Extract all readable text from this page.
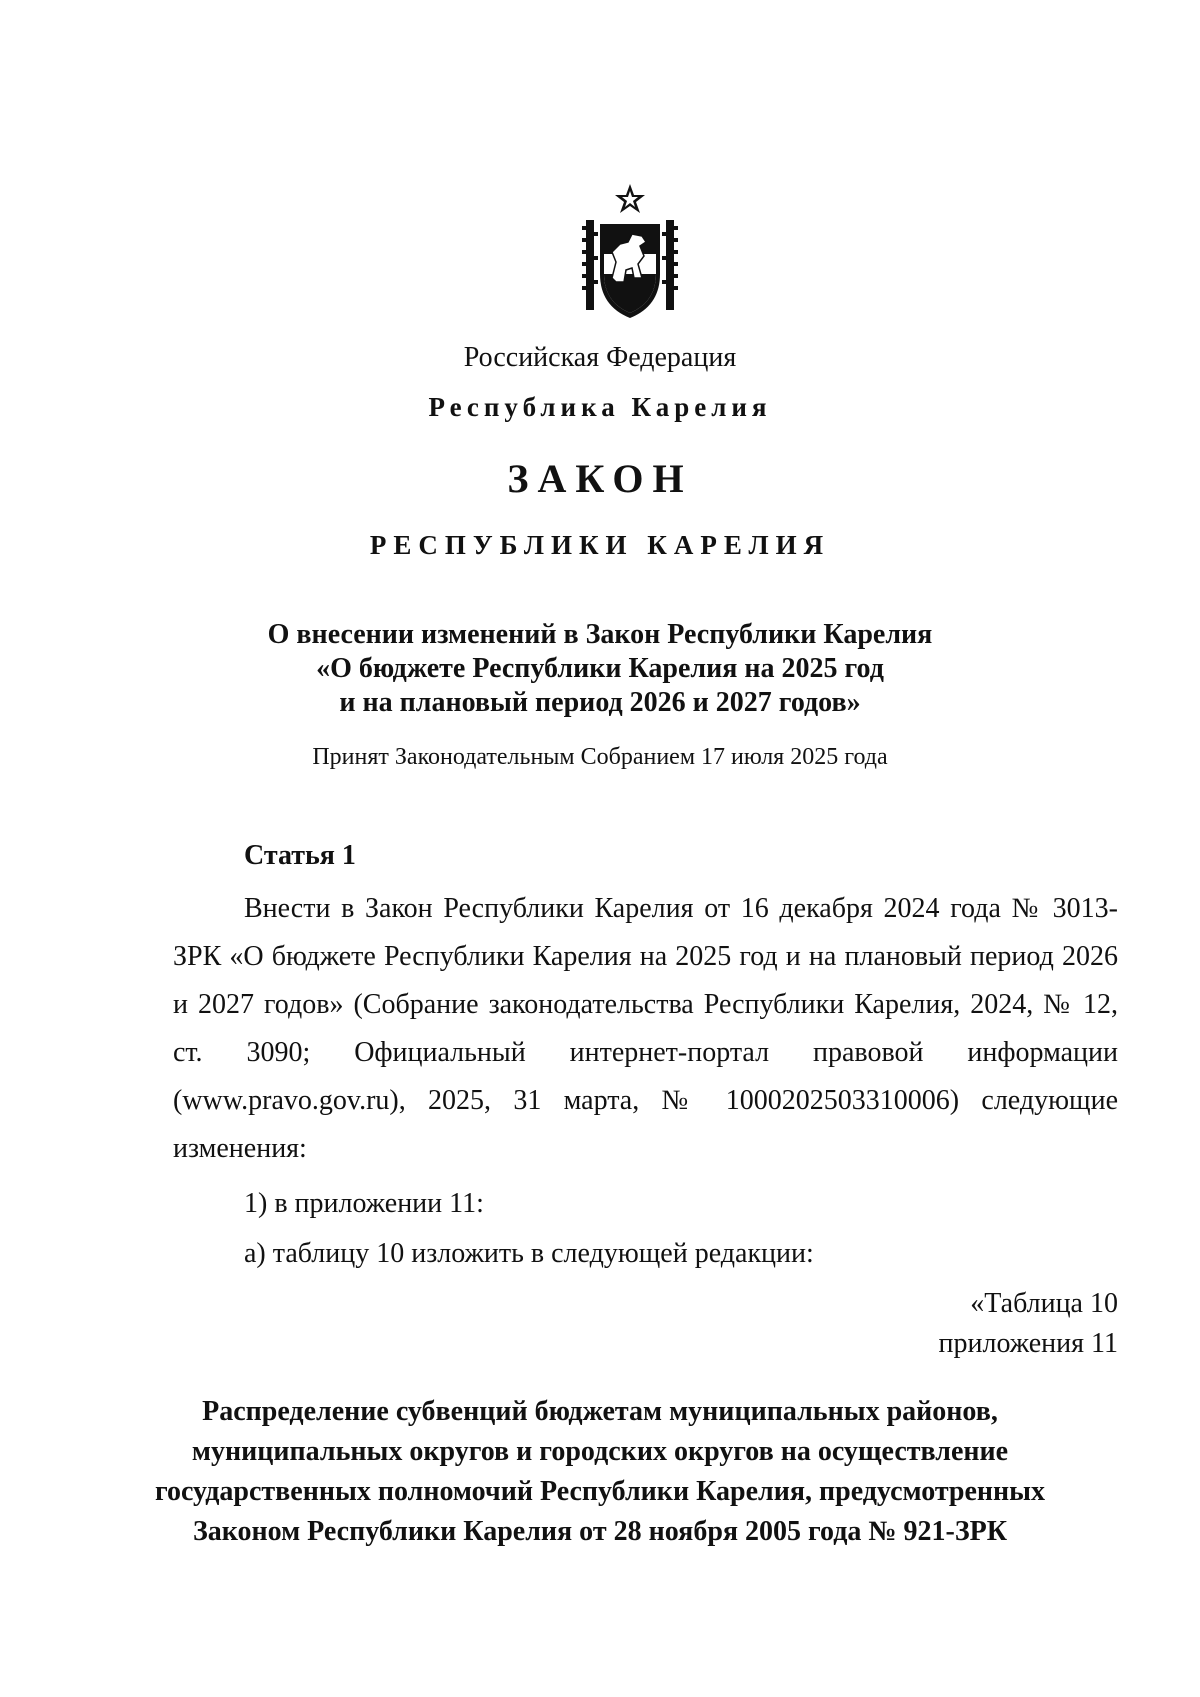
Российская Федерация
Республика Карелия
ЗАКОН
РЕСПУБЛИКИ КАРЕЛИЯ
О внесении изменений в Закон Республики Карелия
«О бюджете Республики Карелия на 2025 год
и на плановый период 2026 и 2027 годов»
Принят Законодательным Собранием 17 июля 2025 года
Статья 1
Внести в Закон Республики Карелия от 16 декабря 2024 года № 3013-ЗРК «О бюджете Республики Карелия на 2025 год и на плановый период 2026 и 2027 годов» (Собрание законодательства Республики Карелия, 2024, № 12, ст. 3090; Официальный интернет-портал правовой информации (www.pravo.gov.ru), 2025, 31 марта, № 1000202503310006) следующие изменения:
1) в приложении 11:
а) таблицу 10 изложить в следующей редакции:
«Таблица 10
приложения 11
Распределение субвенций бюджетам муниципальных районов,
муниципальных округов и городских округов на осуществление
государственных полномочий Республики Карелия, предусмотренных
Законом Республики Карелия от 28 ноября 2005 года № 921-ЗРК
